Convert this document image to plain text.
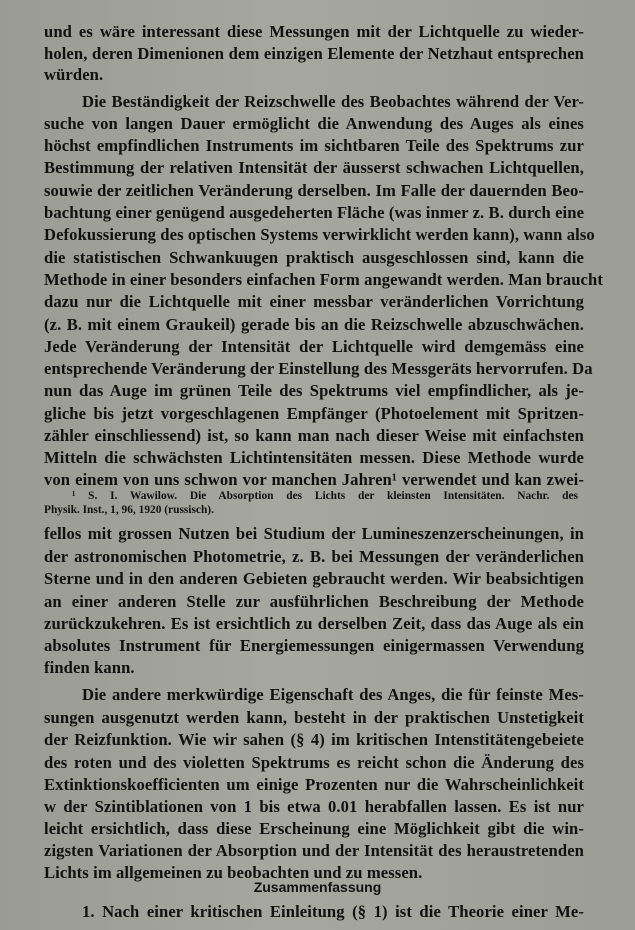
und es wäre interessant diese Messungen mit der Lichtquelle zu wieder-
holen, deren Dimenionen dem einzigen Elemente der Netzhaut entsprechen
würden.
Die Beständigkeit der Reizschwelle des Beobachtes während der Ver-
suche von langen Dauer ermöglicht die Anwendung des Auges als eines
höchst empfindlichen Instruments im sichtbaren Teile des Spektrums zur
Bestimmung der relativen Intensität der äusserst schwachen Lichtquellen,
souwie der zeitlichen Veränderung derselben. Im Falle der dauernden Beo-
bachtung einer genügend ausgedeherten Fläche (was inmer z. B. durch eine
Defokussierung des optischen Systems verwirklicht werden kann), wann also
die statistischen Schwankuugen praktisch ausgeschlossen sind, kann die
Methode in einer besonders einfachen Form angewandt werden. Man braucht
dazu nur die Lichtquelle mit einer messbar veränderlichen Vorrichtung
(z. B. mit einem Graukeil) gerade bis an die Reizschwelle abzuschwächen.
Jede Veränderung der Intensität der Lichtquelle wird demgemäss eine
entsprechende Veränderung der Einstellung des Messgeräts hervorrufen. Da
nun das Auge im grünen Teile des Spektrums viel empfindlicher, als je-
gliche bis jetzt vorgeschlagenen Empfänger (Photoelement mit Spritzen-
zähler einschliessend) ist, so kann man nach dieser Weise mit einfachsten
Mitteln die schwächsten Lichtintensitäten messen. Diese Methode wurde
von einem von uns schwon vor manchen Jahren¹ verwendet und kan zwei-
¹ S. I. Wawilow. Die Absorption des Lichts der kleinsten Intensitäten. Nachr. des
Physik. Inst., 1, 96, 1920 (russisch).
fellos mit grossen Nutzen bei Studium der Lumineszenzerscheinungen, in
der astronomischen Photometrie, z. B. bei Messungen der veränderlichen
Sterne und in den anderen Gebieten gebraucht werden. Wir beabsichtigen
an einer anderen Stelle zur ausführlichen Beschreibung der Methode
zurückzukehren. Es ist ersichtlich zu derselben Zeit, dass das Auge als ein
absolutes Instrument für Energiemessungen einigermassen Verwendung
finden kann.
Die andere merkwürdige Eigenschaft des Anges, die für feinste Mes-
sungen ausgenutzt werden kann, besteht in der praktischen Unstetigkeit
der Reizfunktion. Wie wir sahen (§ 4) im kritischen Intenstitätengebeiete
des roten und des violetten Spektrums es reicht schon die Änderung des
Extinktionskoefficienten um einige Prozenten nur die Wahrscheinlichkeit
w der Szintiblationen von 1 bis etwa 0.01 herabfallen lassen. Es ist nur
leicht ersichtlich, dass diese Erscheinung eine Möglichkeit gibt die win-
zigsten Variationen der Absorption und der Intensität des heraustretenden
Lichts im allgemeinen zu beobachten und zu messen.
Zusammenfassung
1. Nach einer kritischen Einleitung (§ 1) ist die Theorie einer Me-
